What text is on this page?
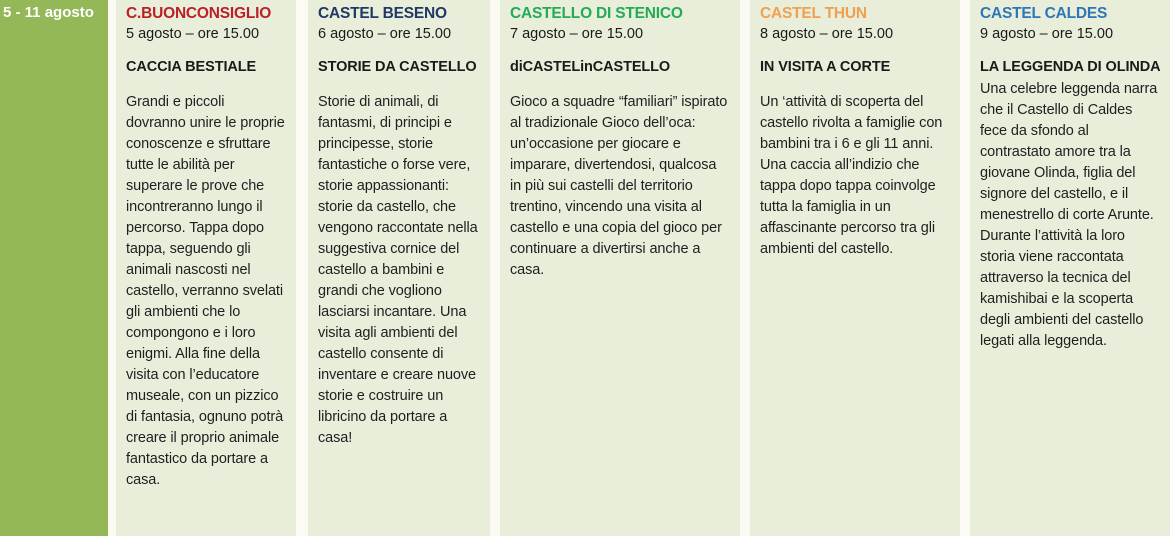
5 - 11 agosto	C.BUONCONSIGLIO
5 agosto – ore 15.00
CACCIA BESTIALE
Grandi e piccoli dovranno unire le proprie conoscenze e sfruttare tutte le abilità per superare le prove che incontreranno lungo il percorso. Tappa dopo tappa, seguendo gli animali nascosti nel castello, verranno svelati gli ambienti che lo compongono e i loro enigmi. Alla fine della visita con l’educatore museale, con un pizzico di fantasia, ognuno potrà creare il proprio animale fantastico da portare a casa.
CASTEL BESENO
6 agosto – ore 15.00
STORIE DA CASTELLO
Storie di animali, di fantasmi, di principi e principesse, storie fantastiche o forse vere, storie appassionanti: storie da castello, che vengono raccontate nella suggestiva cornice del castello a bambini e grandi che vogliono lasciarsi incantare. Una visita agli ambienti del castello consente di inventare e creare nuove storie e costruire un libricino da portare a casa!
CASTELLO DI STENICO
7 agosto – ore 15.00
diCASTELinCASTELLO
Gioco a squadre “familiari” ispirato al tradizionale Gioco dell’oca: un’occasione per giocare e imparare, divertendosi, qualcosa in più sui castelli del territorio trentino, vincendo una visita al castello e una copia del gioco per continuare a divertirsi anche a casa.
CASTEL THUN
8 agosto – ore 15.00
IN VISITA A CORTE
Un ‘attività di scoperta del castello rivolta a famiglie con bambini tra i 6 e gli 11 anni. Una caccia all’indizio che tappa dopo tappa coinvolge tutta la famiglia in un affascinante percorso tra gli ambienti del castello.
CASTEL CALDES
9 agosto – ore 15.00
LA LEGGENDA DI OLINDA
Una celebre leggenda narra che il Castello di Caldes fece da sfondo al contrastato amore tra la giovane Olinda, figlia del signore del castello, e il menestrello di corte Arunte. Durante l’attività la loro storia viene raccontata attraverso la tecnica del kamishibai e la scoperta degli ambienti del castello legati alla leggenda.
